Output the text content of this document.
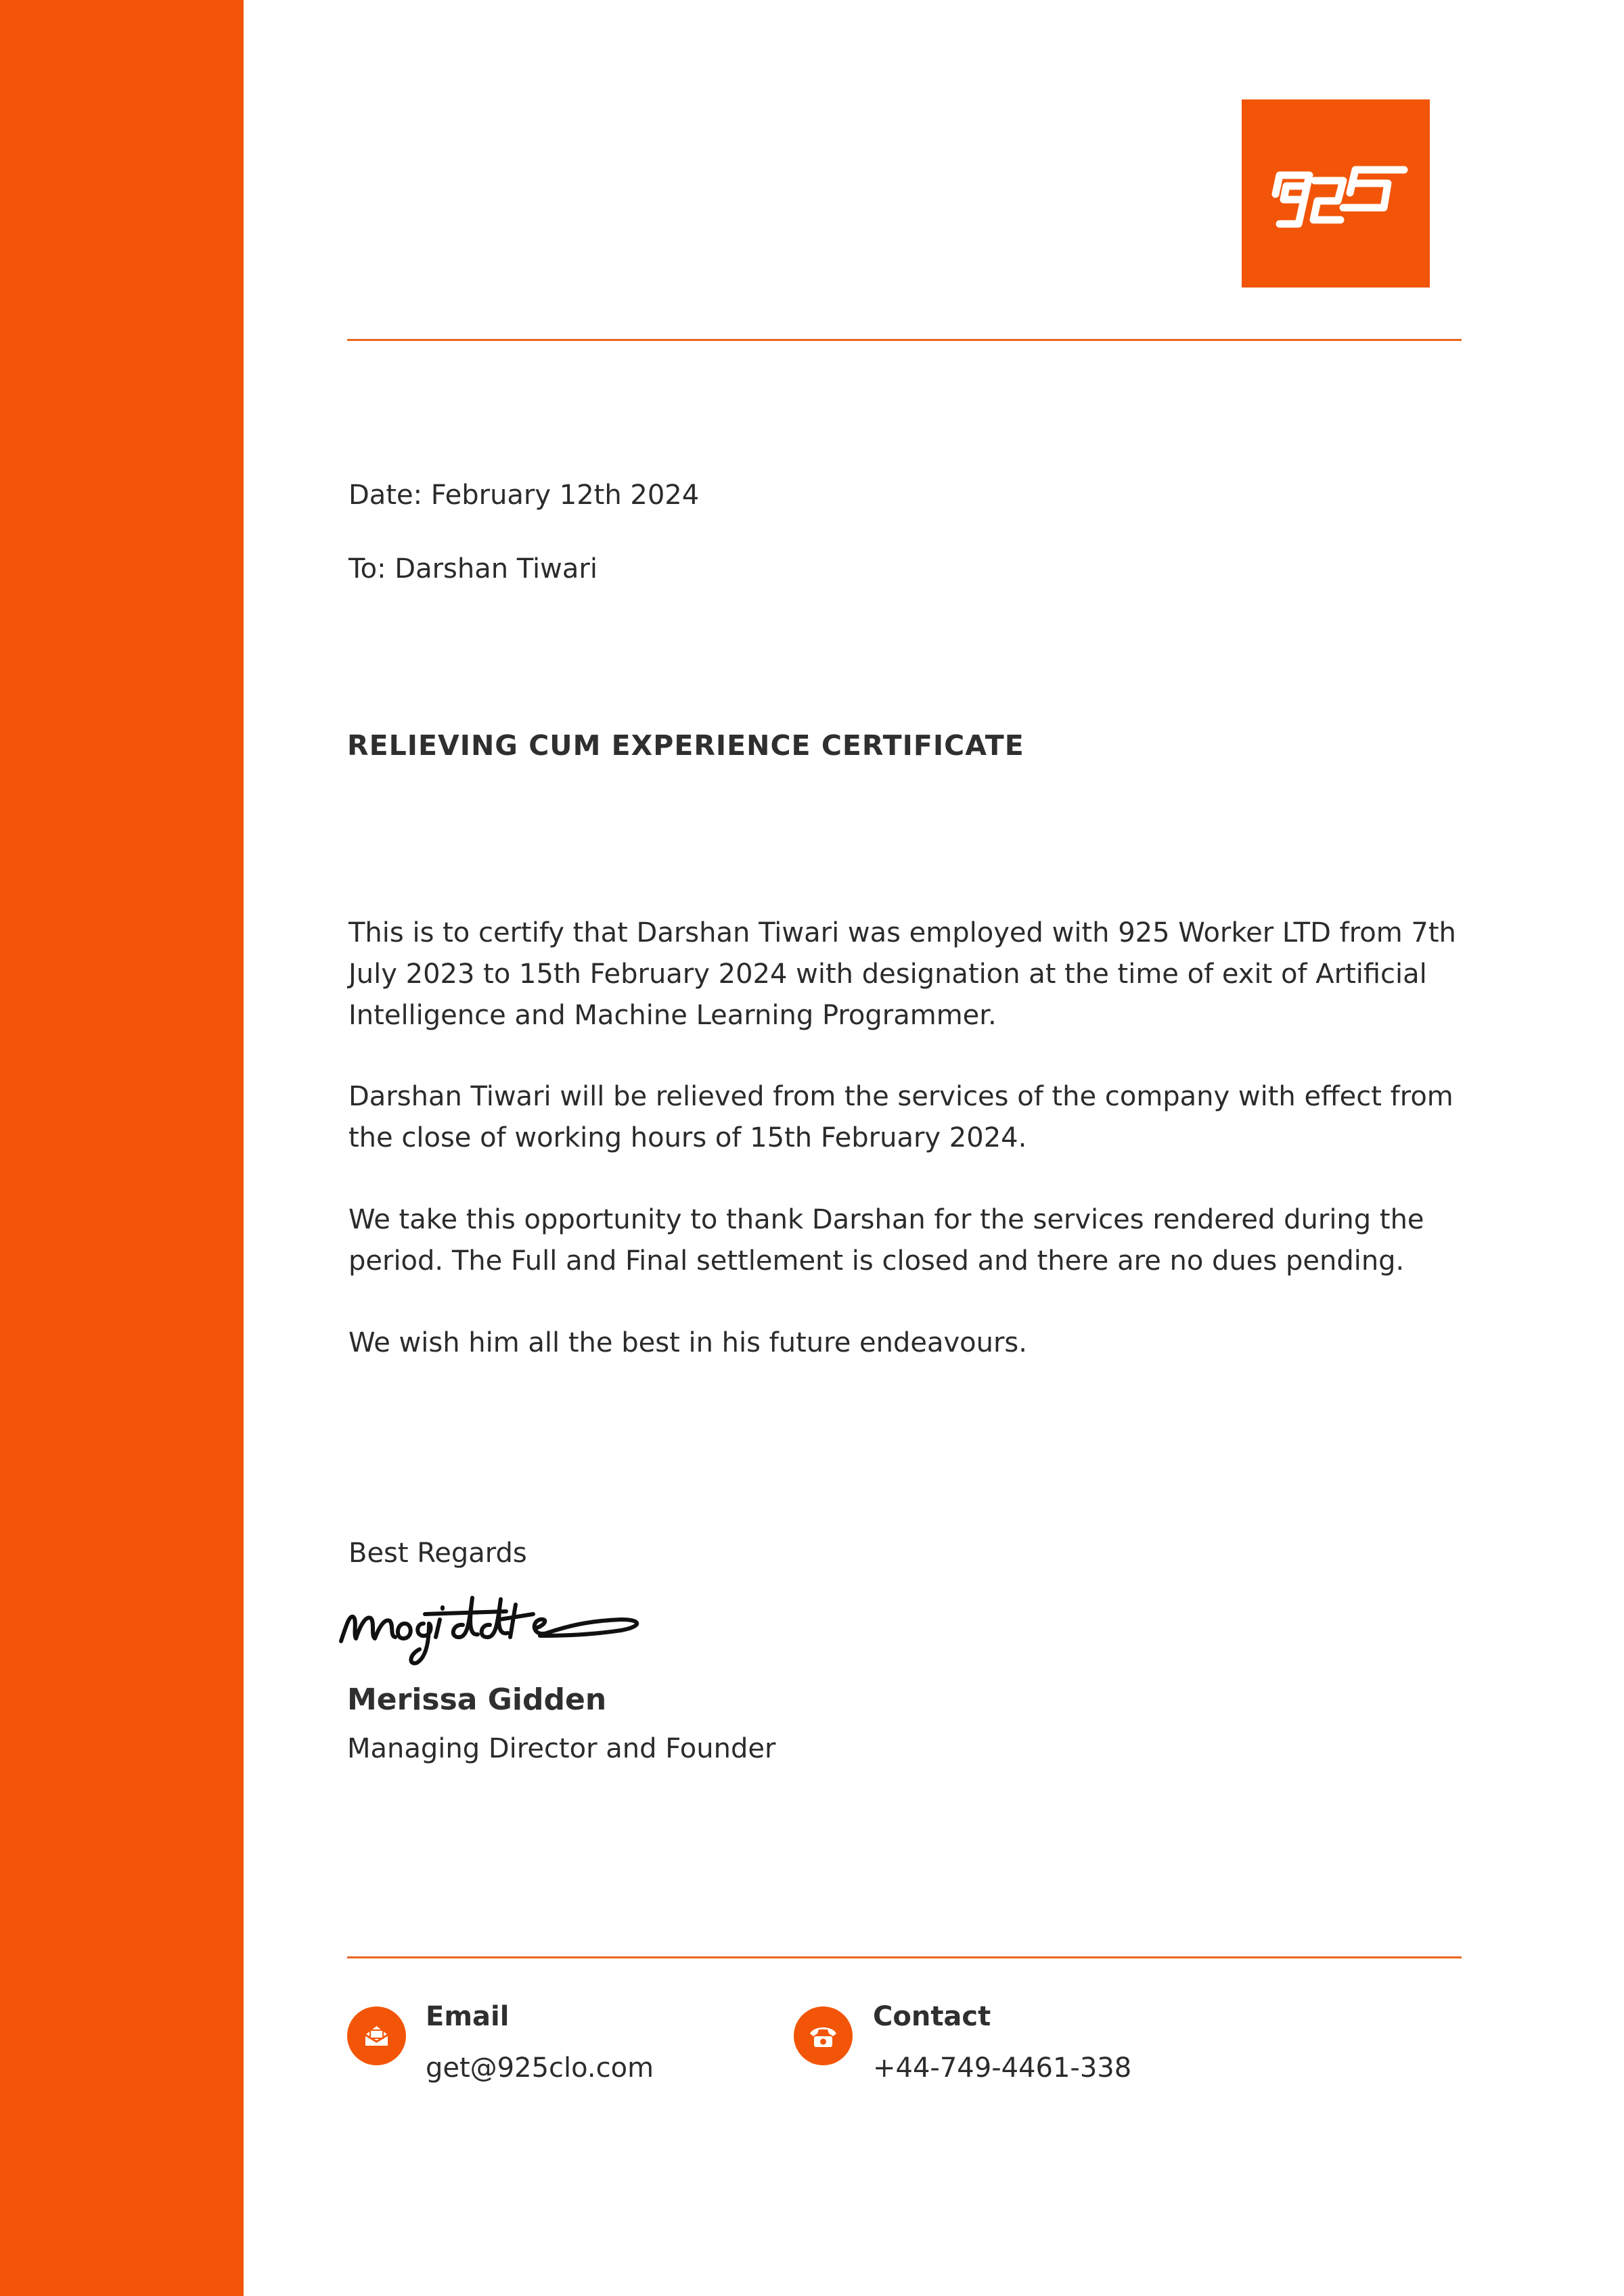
Date: February 12th 2024
To: Darshan Tiwari
RELIEVING CUM EXPERIENCE CERTIFICATE
This is to certify that Darshan Tiwari was employed with 925 Worker LTD from 7th
July 2023 to 15th February 2024 with designation at the time of exit of Artificial
Intelligence and Machine Learning Programmer.
Darshan Tiwari will be relieved from the services of the company with effect from
the close of working hours of 15th February 2024.
We take this opportunity to thank Darshan for the services rendered during the
period. The Full and Final settlement is closed and there are no dues pending.
We wish him all the best in his future endeavours.
Best Regards
Merissa Gidden
Managing Director and Founder
Email
get@925clo.com
Contact
+44-749-4461-338
